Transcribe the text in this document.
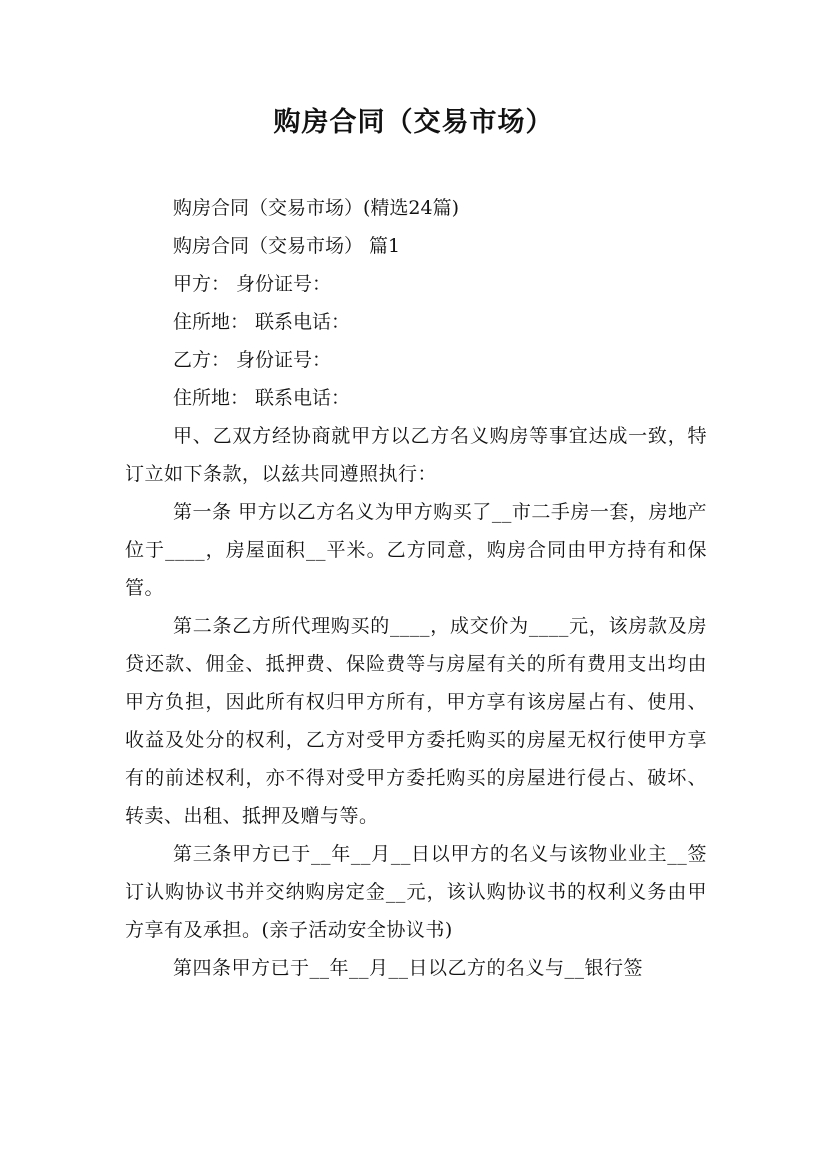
购房合同（交易市场）

购房合同（交易市场）(精选24篇)

购房合同（交易市场） 篇1

甲方： 身份证号：

住所地： 联系电话：

乙方： 身份证号：

住所地： 联系电话：

甲、乙双方经协商就甲方以乙方名义购房等事宜达成一致，特订立如下条款，以兹共同遵照执行：

第一条 甲方以乙方名义为甲方购买了__市二手房一套，房地产位于____，房屋面积__平米。乙方同意，购房合同由甲方持有和保管。

第二条乙方所代理购买的____，成交价为____元，该房款及房贷还款、佣金、抵押费、保险费等与房屋有关的所有费用支出均由甲方负担，因此所有权归甲方所有，甲方享有该房屋占有、使用、收益及处分的权利，乙方对受甲方委托购买的房屋无权行使甲方享有的前述权利，亦不得对受甲方委托购买的房屋进行侵占、破坏、转卖、出租、抵押及赠与等。

第三条甲方已于__年__月__日以甲方的名义与该物业业主__签订认购协议书并交纳购房定金__元，该认购协议书的权利义务由甲方享有及承担。(亲子活动安全协议书)

第四条甲方已于__年__月__日以乙方的名义与__银行签
